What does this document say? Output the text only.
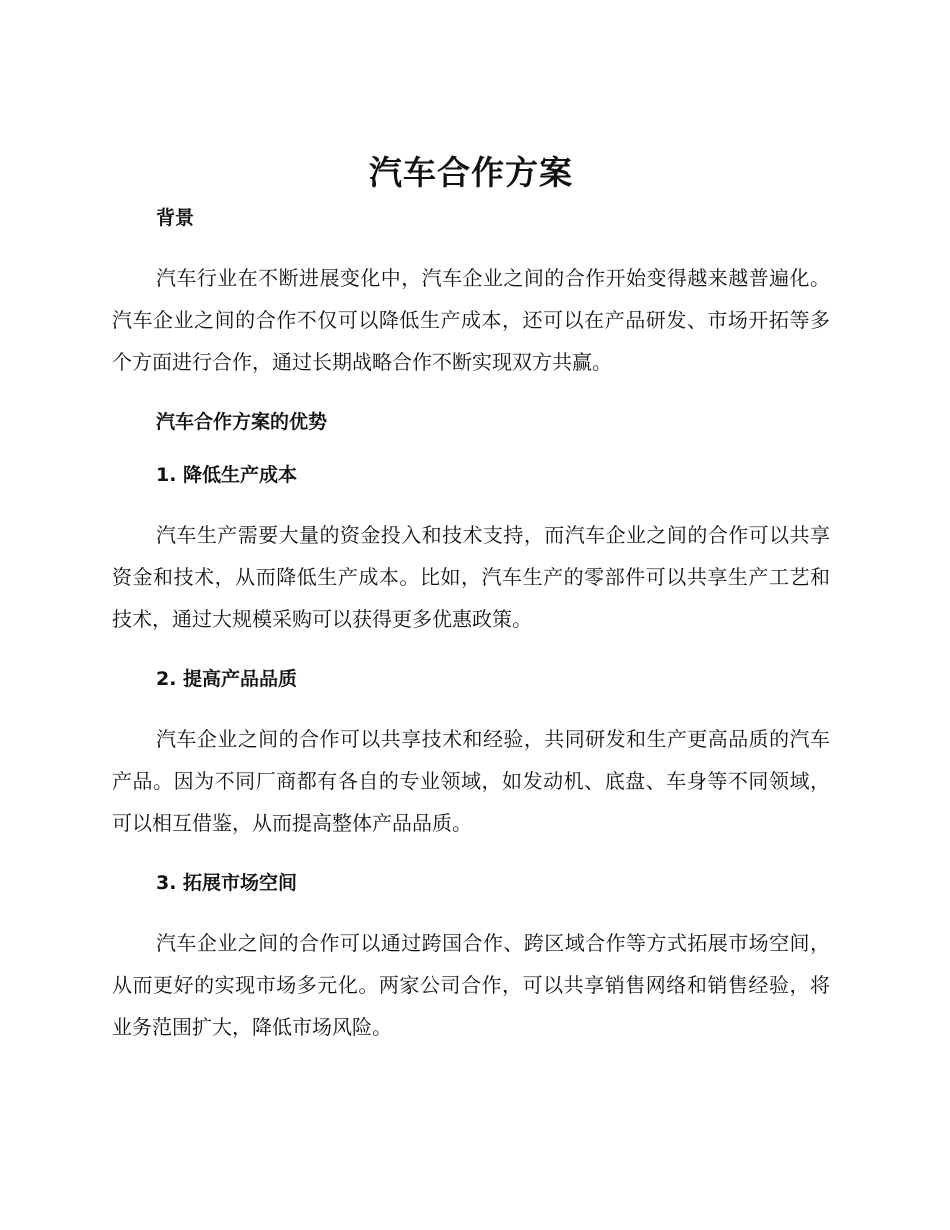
汽车合作方案
背景

汽车行业在不断进展变化中，汽车企业之间的合作开始变得越来越普遍化。汽车企业之间的合作不仅可以降低生产成本，还可以在产品研发、市场开拓等多个方面进行合作，通过长期战略合作不断实现双方共赢。

汽车合作方案的优势
1. 降低生产成本

汽车生产需要大量的资金投入和技术支持，而汽车企业之间的合作可以共享资金和技术，从而降低生产成本。比如，汽车生产的零部件可以共享生产工艺和技术，通过大规模采购可以获得更多优惠政策。

2. 提高产品品质

汽车企业之间的合作可以共享技术和经验，共同研发和生产更高品质的汽车产品。因为不同厂商都有各自的专业领域，如发动机、底盘、车身等不同领域，可以相互借鉴，从而提高整体产品品质。

3. 拓展市场空间

汽车企业之间的合作可以通过跨国合作、跨区域合作等方式拓展市场空间，从而更好的实现市场多元化。两家公司合作，可以共享销售网络和销售经验，将业务范围扩大，降低市场风险。
